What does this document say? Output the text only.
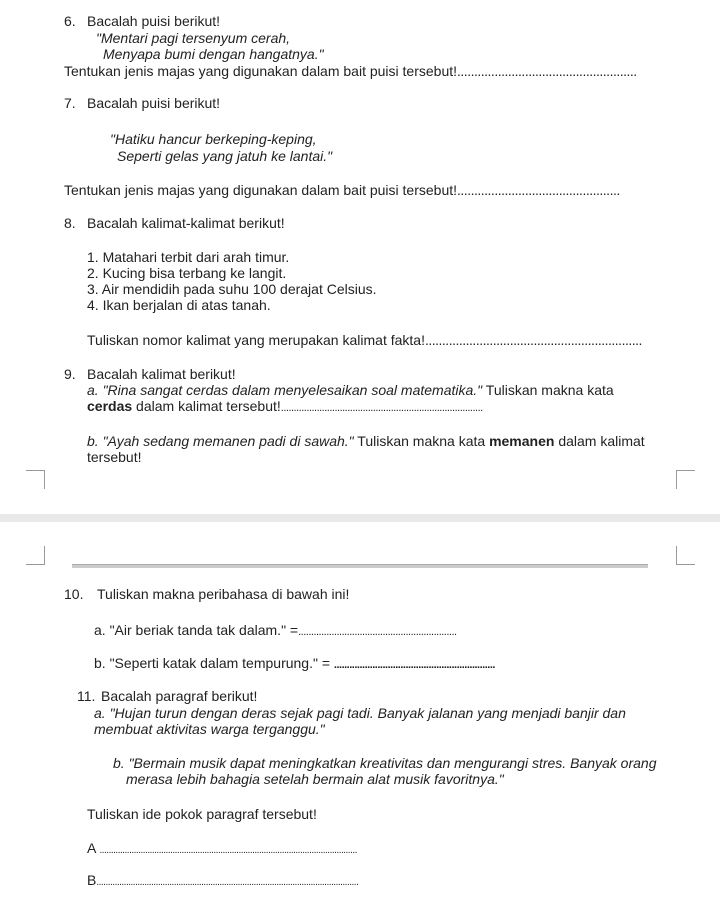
6. Bacalah puisi berikut!
"Mentari pagi tersenyum cerah,
Menyapa bumi dengan hangatnya."
Tentukan jenis majas yang digunakan dalam bait puisi tersebut!.....................................................
7. Bacalah puisi berikut!
"Hatiku hancur berkeping-keping,
Seperti gelas yang jatuh ke lantai."
Tentukan jenis majas yang digunakan dalam bait puisi tersebut!................................................
8. Bacalah kalimat-kalimat berikut!
1. Matahari terbit dari arah timur.
2. Kucing bisa terbang ke langit.
3. Air mendidih pada suhu 100 derajat Celsius.
4. Ikan berjalan di atas tanah.
Tuliskan nomor kalimat yang merupakan kalimat fakta!................................................................
9. Bacalah kalimat berikut!
a. "Rina sangat cerdas dalam menyelesaikan soal matematika." Tuliskan makna kata
cerdas dalam kalimat tersebut!...............................................................................
b. "Ayah sedang memanen padi di sawah." Tuliskan makna kata memanen dalam kalimat
tersebut!
10. Tuliskan makna peribahasa di bawah ini!
a. "Air beriak tanda tak dalam." =..............................................................
b. "Seperti katak dalam tempurung." = ...............................................................
11. Bacalah paragraf berikut!
a. "Hujan turun dengan deras sejak pagi tadi. Banyak jalanan yang menjadi banjir dan
membuat aktivitas warga terganggu."
b. "Bermain musik dapat meningkatkan kreativitas dan mengurangi stres. Banyak orang
merasa lebih bahagia setelah bermain alat musik favoritnya."
Tuliskan ide pokok paragraf tersebut!
A .................................................................................................................
B...................................................................................................................
